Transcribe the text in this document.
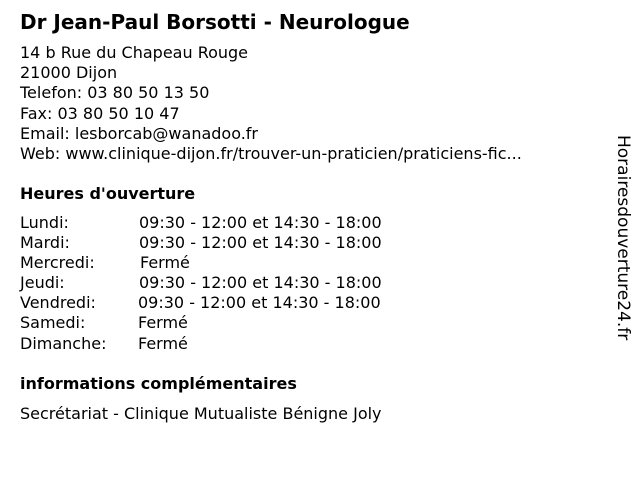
Dr Jean-Paul Borsotti - Neurologue
14 b Rue du Chapeau Rouge
21000 Dijon
Telefon: 03 80 50 13 50
Fax: 03 80 50 10 47
Email: lesborcab@wanadoo.fr
Web: www.clinique-dijon.fr/trouver-un-praticien/praticiens-fic...
Heures d'ouverture
Lundi:	09:30 - 12:00 et 14:30 - 18:00
Mardi:	09:30 - 12:00 et 14:30 - 18:00
Mercredi:	Fermé
Jeudi:	09:30 - 12:00 et 14:30 - 18:00
Vendredi:	09:30 - 12:00 et 14:30 - 18:00
Samedi:	Fermé
Dimanche: Fermé
informations complémentaires
Secrétariat - Clinique Mutualiste Bénigne Joly
Horairesdouverture24.fr
